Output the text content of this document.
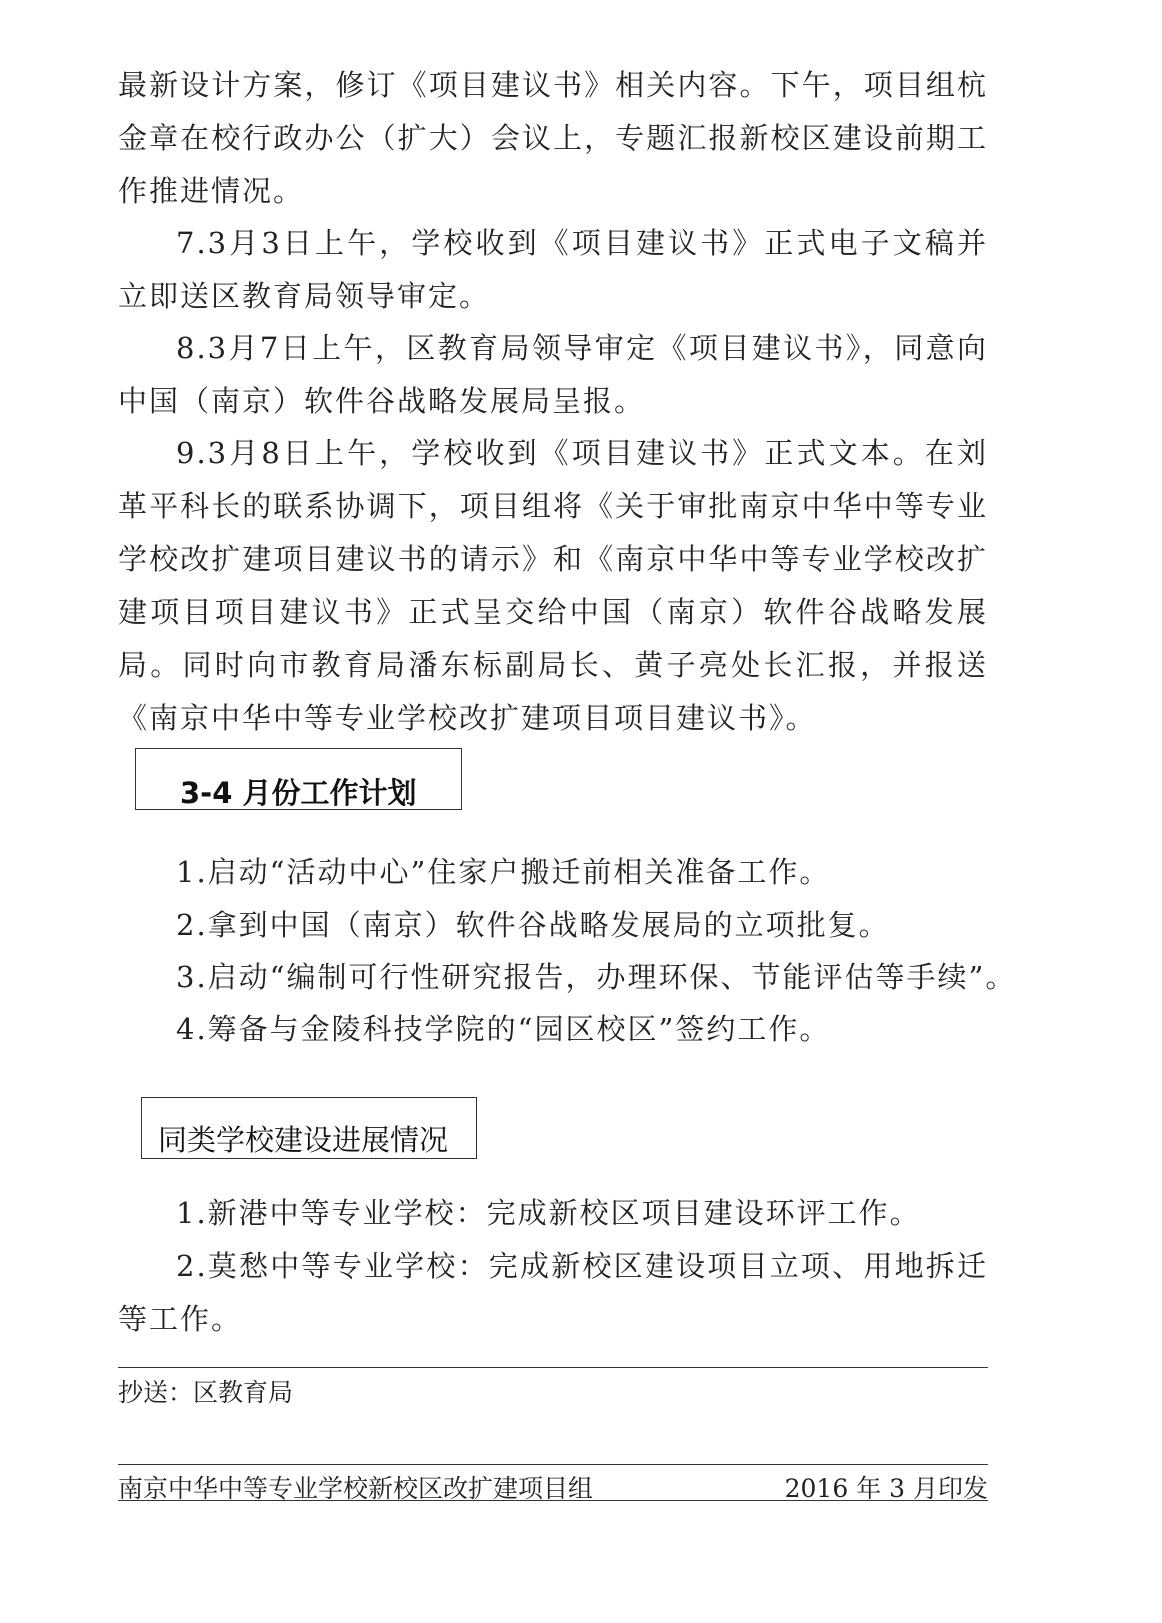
最新设计方案，修订《项目建议书》相关内容。下午，项目组杭金章在校行政办公（扩大）会议上，专题汇报新校区建设前期工作推进情况。

7.3月3日上午，学校收到《项目建议书》正式电子文稿并立即送区教育局领导审定。

8.3月7日上午，区教育局领导审定《项目建议书》，同意向中国（南京）软件谷战略发展局呈报。

9.3月8日上午，学校收到《项目建议书》正式文本。在刘革平科长的联系协调下，项目组将《关于审批南京中华中等专业学校改扩建项目建议书的请示》和《南京中华中等专业学校改扩建项目项目建议书》正式呈交给中国（南京）软件谷战略发展局。同时向市教育局潘东标副局长、黄子亮处长汇报，并报送《南京中华中等专业学校改扩建项目项目建议书》。

3-4 月份工作计划
1.启动“活动中心”住家户搬迁前相关准备工作。
2.拿到中国（南京）软件谷战略发展局的立项批复。
3.启动“编制可行性研究报告，办理环保、节能评估等手续”。
4.筹备与金陵科技学院的“园区校区”签约工作。
同类学校建设进展情况
1.新港中等专业学校：完成新校区项目建设环评工作。

2.莫愁中等专业学校：完成新校区建设项目立项、用地拆迁等工作。

抄送：区教育局
南京中华中等专业学校新校区改扩建项目组	2016 年 3 月印发
